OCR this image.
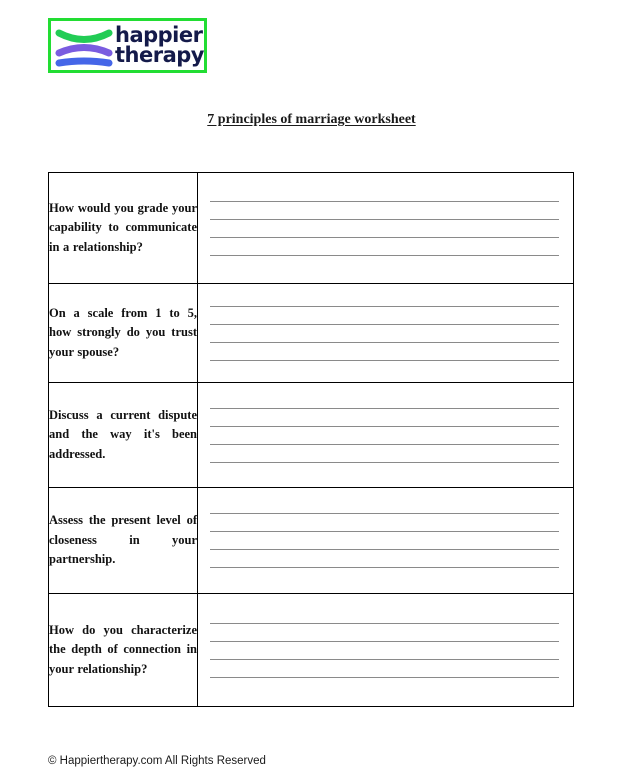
happier
therapy
7 principles of marriage worksheet
How would you grade your capability to communicate in a relationship?	

On a scale from 1 to 5, how strongly do you trust your spouse?	

Discuss a current dispute and the way it's been addressed.	

Assess the present level of closeness in your partnership.	

How do you characterize the depth of connection in your relationship?	

© Happiertherapy.com All Rights Reserved
